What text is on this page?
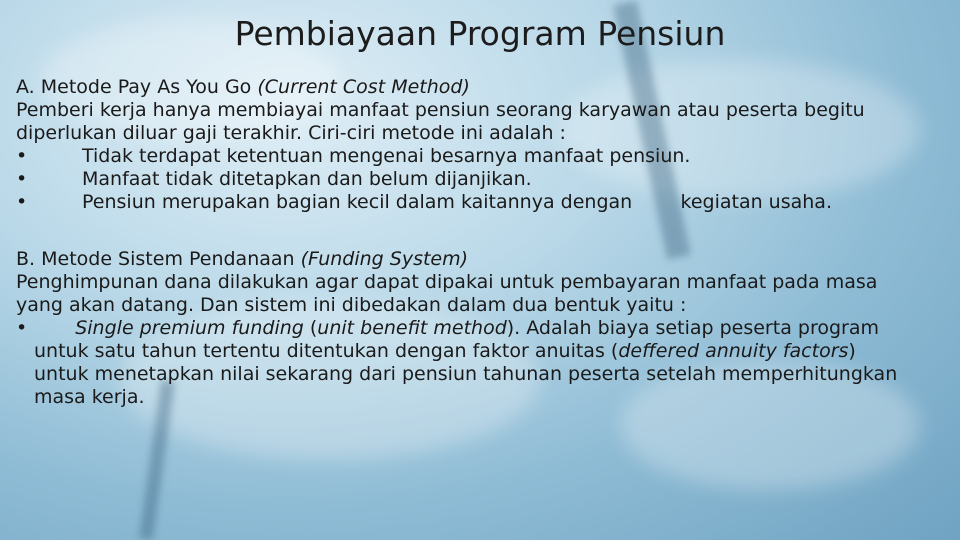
Pembiayaan Program Pensiun

A. Metode Pay As You Go (Current Cost Method)

Pemberi kerja hanya membiayai manfaat pensiun seorang karyawan atau peserta begitu diperlukan diluar gaji terakhir. Ciri-ciri metode ini adalah :

•	Tidak terdapat ketentuan mengenai besarnya manfaat pensiun.

•	Manfaat tidak ditetapkan dan belum dijanjikan.

•	Pensiun merupakan bagian kecil dalam kaitannya dengan        kegiatan usaha.

B. Metode Sistem Pendanaan (Funding System)

Penghimpunan dana dilakukan agar dapat dipakai untuk pembayaran manfaat pada masa yang akan datang. Dan sistem ini dibedakan dalam dua bentuk yaitu :

•	Single premium funding (unit benefit method). Adalah biaya setiap peserta program untuk satu tahun tertentu ditentukan dengan faktor anuitas (deffered annuity factors) untuk menetapkan nilai sekarang dari pensiun tahunan peserta setelah memperhitungkan masa kerja.
